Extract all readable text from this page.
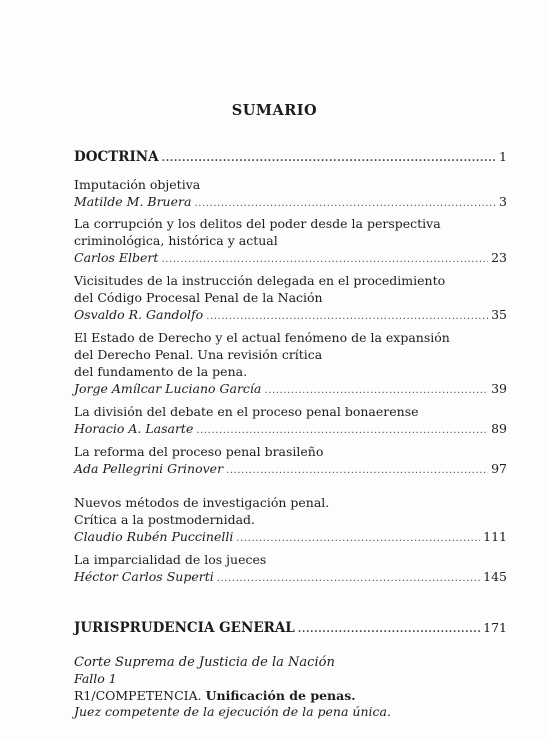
SUMARIO
DOCTRINA .....	1
Imputación objetiva
Matilde M. Bruera .....	3
La corrupción y los delitos del poder desde la perspectiva
criminológica, histórica y actual
Carlos Elbert .....	23
Vicisitudes de la instrucción delegada en el procedimiento
del Código Procesal Penal de la Nación
Osvaldo R. Gandolfo .....	35
El Estado de Derecho y el actual fenómeno de la expansión
del Derecho Penal. Una revisión crítica
del fundamento de la pena.
Jorge Amílcar Luciano García .....	39
La división del debate en el proceso penal bonaerense
Horacio A. Lasarte .....	89
La reforma del proceso penal brasileño
Ada Pellegrini Grinover .....	97
Nuevos métodos de investigación penal.
Crítica a la postmodernidad.
Claudio Rubén Puccinelli .....	111
La imparcialidad de los jueces
Héctor Carlos Superti .....	145
JURISPRUDENCIA GENERAL .....	171
Corte Suprema de Justicia de la Nación
Fallo 1
R1/COMPETENCIA. Unificación de penas.
Juez competente de la ejecución de la pena única.
